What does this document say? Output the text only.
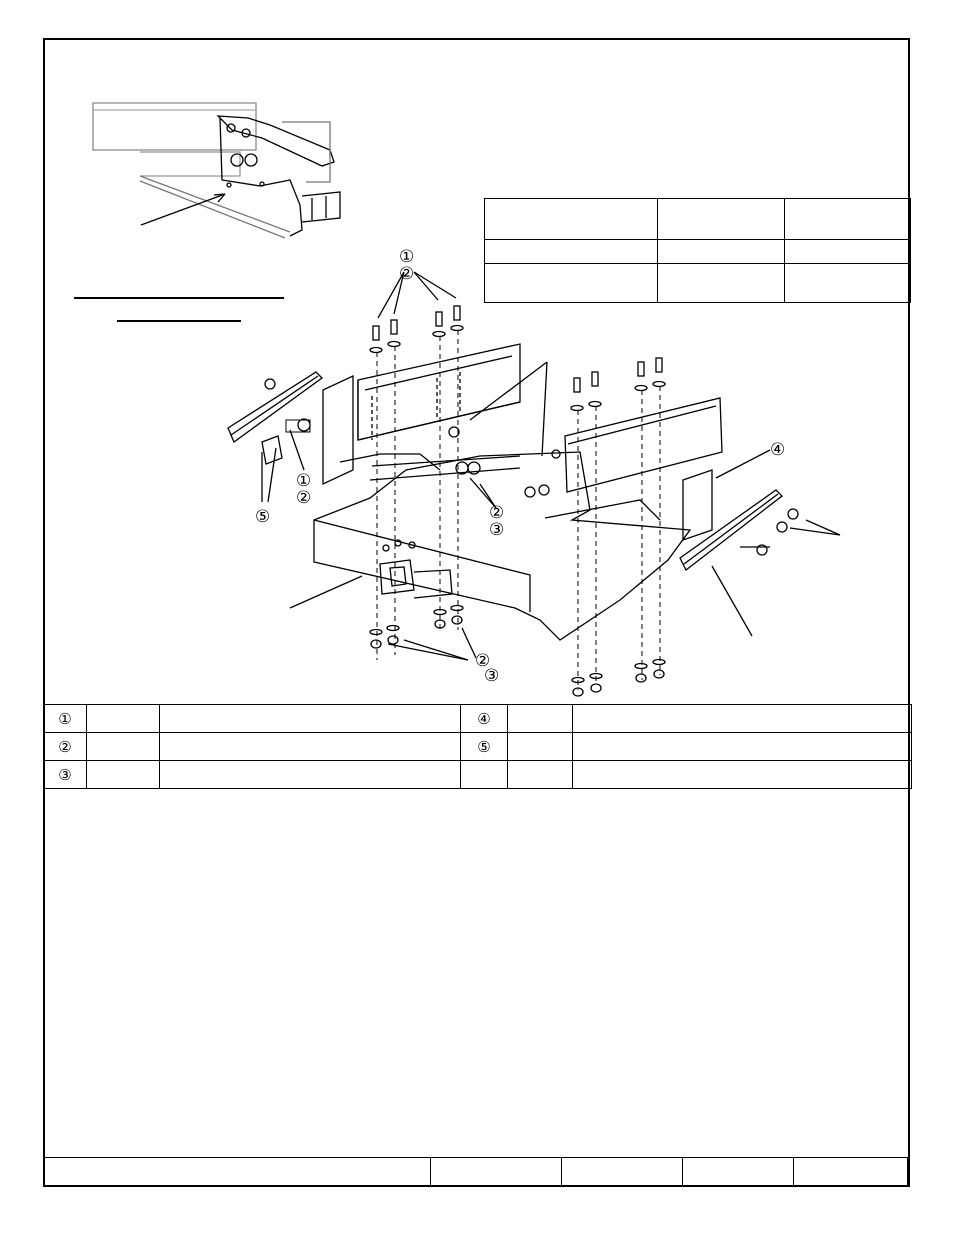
①
②
①
②
⑤	②
③
④
②
③
①			④		
②			⑤		
③					
